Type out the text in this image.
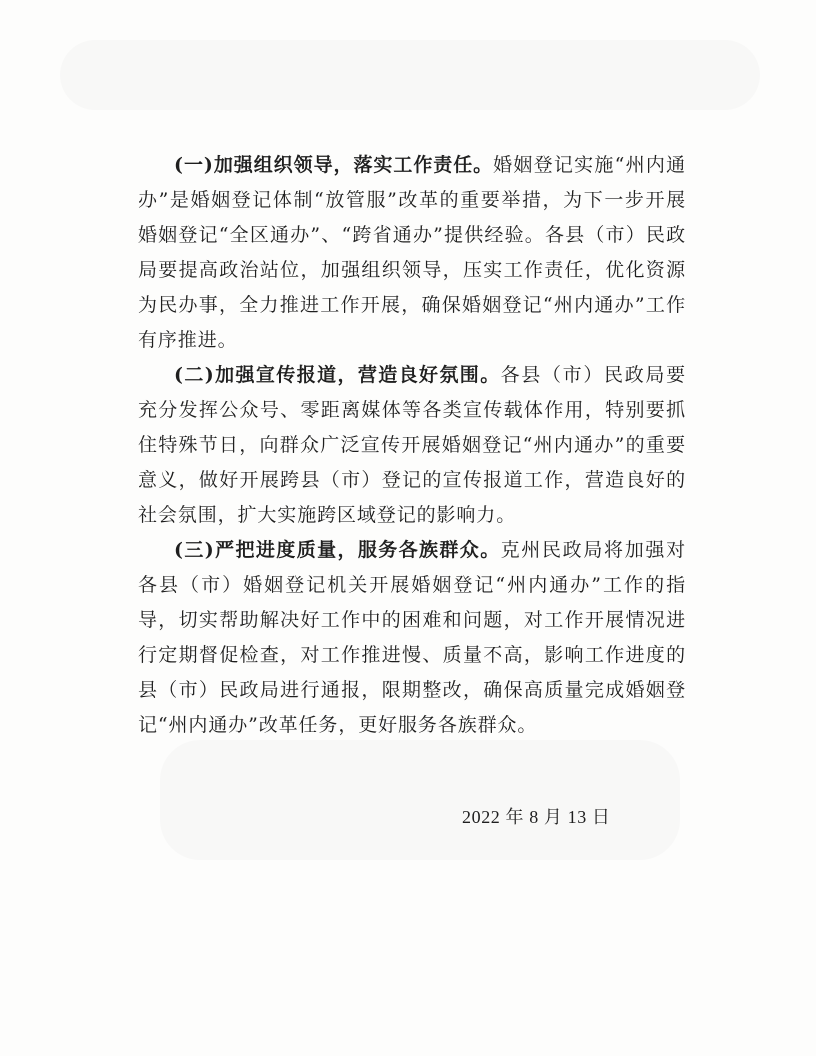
(一)加强组织领导，落实工作责任。婚姻登记实施“州内通办”是婚姻登记体制“放管服”改革的重要举措，为下一步开展婚姻登记“全区通办”、“跨省通办”提供经验。各县（市）民政局要提高政治站位，加强组织领导，压实工作责任，优化资源为民办事，全力推进工作开展，确保婚姻登记“州内通办”工作有序推进。

(二)加强宣传报道，营造良好氛围。各县（市）民政局要充分发挥公众号、零距离媒体等各类宣传载体作用，特别要抓住特殊节日，向群众广泛宣传开展婚姻登记“州内通办”的重要意义，做好开展跨县（市）登记的宣传报道工作，营造良好的社会氛围，扩大实施跨区域登记的影响力。

(三)严把进度质量，服务各族群众。克州民政局将加强对各县（市）婚姻登记机关开展婚姻登记“州内通办”工作的指导，切实帮助解决好工作中的困难和问题，对工作开展情况进行定期督促检查，对工作推进慢、质量不高，影响工作进度的县（市）民政局进行通报，限期整改，确保高质量完成婚姻登记“州内通办”改革任务，更好服务各族群众。

2022 年 8 月 13 日
